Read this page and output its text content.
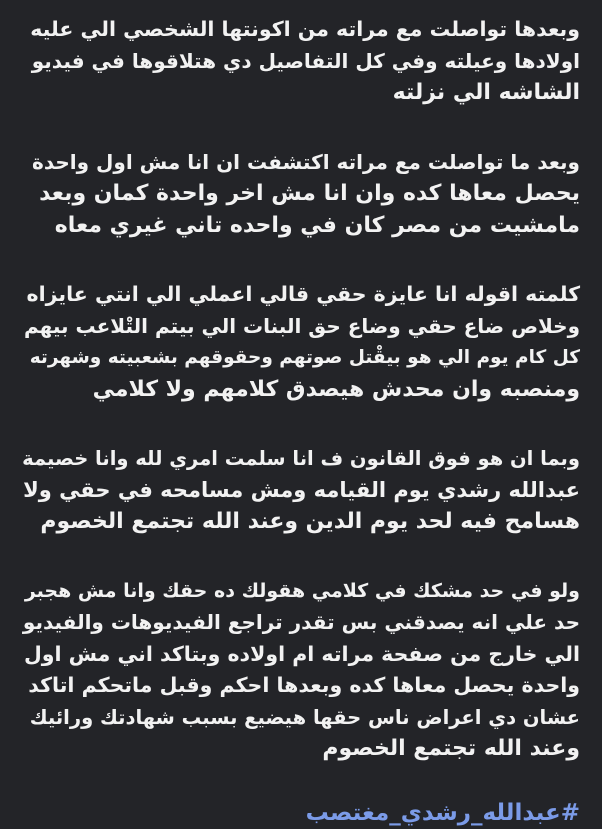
وبعدها تواصلت مع مراته من اكونتها الشخصي الي عليه
اولادها وعيلته وفي كل التفاصيل دي هتلاقوها في فيديو
الشاشه الي نزلته
وبعد ما تواصلت مع مراته اكتشفت ان انا مش اول واحدة
يحصل معاها كده وان انا مش اخر واحدة كمان وبعد
مامشيت من مصر كان في واحده تاني غيري معاه
كلمته اقوله انا عايزة حقي قالي اعملي الي انتي عايزاه
وخلاص ضاع حقي وضاع حق البنات الي بيتم التْلاعب بيهم
كل كام يوم الي هو بيقْتل صوتهم وحقوقهم بشعبيته وشهرته
ومنصبه وان محدش هيصدق كلامهم ولا كلامي
وبما ان هو فوق القانون ف انا سلمت امري لله وانا خصيمة
عبدالله رشدي يوم القيامه ومش مسامحه في حقي ولا
هسامح فيه لحد يوم الدين وعند الله تجتمع الخصوم
ولو في حد مشكك في كلامي هقولك ده حقك وانا مش هجبر
حد علي انه يصدقني بس تقدر تراجع الفيديوهات والفيديو
الي خارج من صفحة مراته ام اولاده وبتاكد اني مش اول
واحدة يحصل معاها كده وبعدها احكم وقبل ماتحكم اتاكد
عشان دي اعراض ناس حقها هيضيع بسبب شهادتك ورائيك
وعند الله تجتمع الخصوم
#عبدالله_رشدي_مغتصب
